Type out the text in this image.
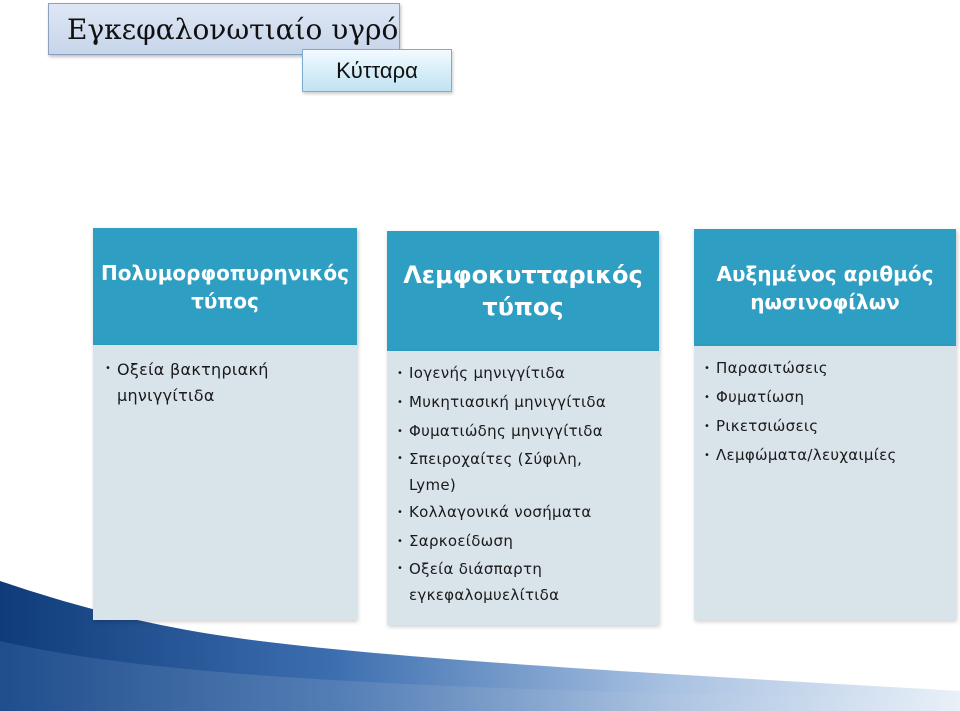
Εγκεφαλονωτιαίο υγρό
Κύτταρα
Πολυμορφοπυρηνικός τύπος
• Οξεία βακτηριακή μηνιγγίτιδα
Λεμφοκυτταρικός τύπος
• Ιογενής μηνιγγίτιδα
• Μυκητιασική μηνιγγίτιδα
• Φυματιώδης μηνιγγίτιδα
• Σπειροχαίτες (Σύφιλη, Lyme)
• Κολλαγονικά νοσήματα
• Σαρκοείδωση
• Οξεία διάσπαρτη εγκεφαλομυελίτιδα
Αυξημένος αριθμός ηωσινοφίλων
• Παρασιτώσεις
• Φυματίωση
• Ρικετσιώσεις
• Λεμφώματα/λευχαιμίες
